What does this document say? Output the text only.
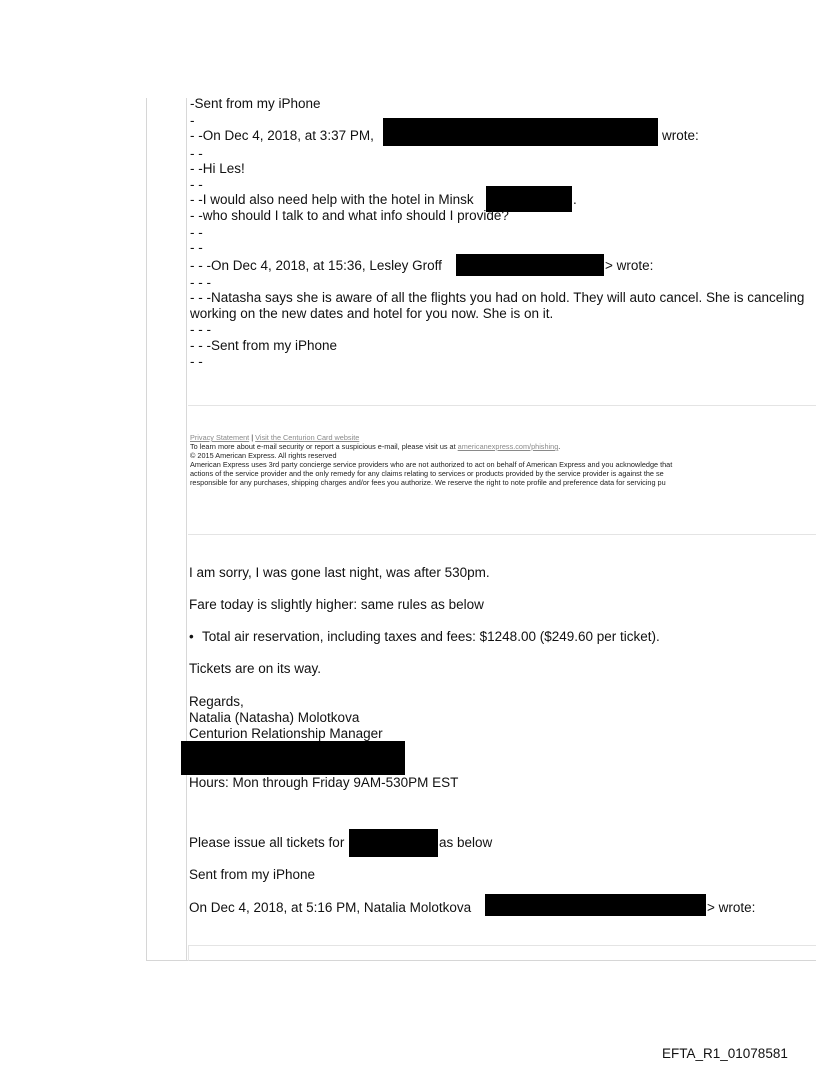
-Sent from my iPhone
-
- -On Dec 4, 2018, at 3:37 PM,	wrote:
- -
- -Hi Les!
- -
- -I would also need help with the hotel in Minsk	.
- -who should I talk to and what info should I provide?
- -
- -
- - -On Dec 4, 2018, at 15:36, Lesley Groff	> wrote:
- - -
- - -Natasha says she is aware of all the flights you had on hold. They will auto cancel. She is canceling
working on the new dates and hotel for you now. She is on it.
- - -
- - -Sent from my iPhone
- -
Privacy Statement | Visit the Centurion Card website
To learn more about e-mail security or report a suspicious e-mail, please visit us at americanexpress.com/phishing.
© 2015 American Express. All rights reserved
American Express uses 3rd party concierge service providers who are not authorized to act on behalf of American Express and you acknowledge that
actions of the service provider and the only remedy for any claims relating to services or products provided by the service provider is against the se
responsible for any purchases, shipping charges and/or fees you authorize. We reserve the right to note profile and preference data for servicing pu
I am sorry, I was gone last night, was after 530pm.
Fare today is slightly higher: same rules as below
• Total air reservation, including taxes and fees: $1248.00 ($249.60 per ticket).
Tickets are on its way.
Regards,
Natalia (Natasha) Molotkova
Centurion Relationship Manager
Hours: Mon through Friday 9AM-530PM EST
Please issue all tickets for	as below
Sent from my iPhone
On Dec 4, 2018, at 5:16 PM, Natalia Molotkova	> wrote:
EFTA_R1_01078581
